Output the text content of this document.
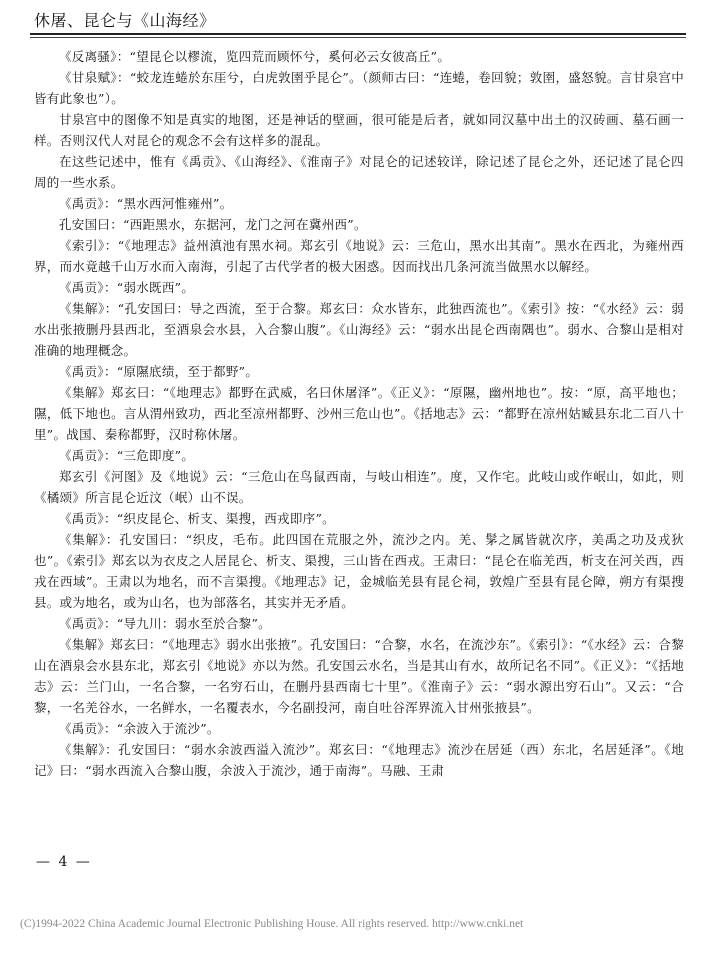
休屠、昆仑与《山海经》

《反离骚》：“望昆仑以樛流，览四荒而顾怀兮，奚何必云女彼高丘”。

《甘泉赋》：“蛟龙连蜷於东厓兮，白虎敦圉乎昆仑”。（颜师古曰：“连蜷，卷回貌；敦圉，盛怒貌。言甘泉宫中皆有此象也”）。

甘泉宫中的图像不知是真实的地图，还是神话的壁画，很可能是后者，就如同汉墓中出土的汉砖画、墓石画一样。否则汉代人对昆仑的观念不会有这样多的混乱。

在这些记述中，惟有《禹贡》、《山海经》、《淮南子》对昆仑的记述较详，除记述了昆仑之外，还记述了昆仑四周的一些水系。

《禹贡》：“黑水西河惟雍州”。

孔安国曰：“西距黑水，东据河，龙门之河在冀州西”。

《索引》：“《地理志》益州滇池有黑水祠。郑玄引《地说》云：三危山，黑水出其南”。黑水在西北，为雍州西界，而水竟越千山万水而入南海，引起了古代学者的极大困惑。因而找出几条河流当做黑水以解经。

《禹贡》：“弱水既西”。

《集解》：“孔安国曰：导之西流，至于合黎。郑玄曰：众水皆东，此独西流也”。《索引》按：“《水经》云：弱水出张掖删丹县西北，至酒泉会水县，入合黎山腹”。《山海经》云：“弱水出昆仑西南隅也”。弱水、合黎山是相对准确的地理概念。

《禹贡》：“原隰底绩，至于都野”。

《集解》郑玄曰：“《地理志》都野在武威，名曰休屠泽”。《正义》：“原隰，幽州地也”。按：“原，高平地也；隰，低下地也。言从渭州致功，西北至凉州都野、沙州三危山也”。《括地志》云：“都野在凉州姑臧县东北二百八十里”。战国、秦称都野，汉时称休屠。

《禹贡》：“三危即度”。

郑玄引《河图》及《地说》云：“三危山在鸟鼠西南，与岐山相连”。度，又作宅。此岐山或作岷山，如此，则《橘颂》所言昆仑近汶（岷）山不误。

《禹贡》：“织皮昆仑、析支、渠搜，西戎即序”。

《集解》：孔安国曰：“织皮，毛布。此四国在荒服之外，流沙之内。羌、髳之属皆就次序，美禹之功及戎狄也”。《索引》郑玄以为衣皮之人居昆仑、析支、渠搜，三山皆在西戎。王肃曰：“昆仑在临羌西，析支在河关西，西戎在西域”。王肃以为地名，而不言渠搜。《地理志》记，金城临羌县有昆仑祠，敦煌广至县有昆仑障，朔方有渠搜县。或为地名，或为山名，也为部落名，其实并无矛盾。

《禹贡》：“导九川：弱水至於合黎”。

《集解》郑玄曰：“《地理志》弱水出张掖”。孔安国曰：“合黎，水名，在流沙东”。《索引》：“《水经》云：合黎山在酒泉会水县东北，郑玄引《地说》亦以为然。孔安国云水名，当是其山有水，故所记名不同”。《正义》：“《括地志》云：兰门山，一名合黎，一名穷石山，在删丹县西南七十里”。《淮南子》云：“弱水源出穷石山”。又云：“合黎，一名羌谷水，一名鲜水，一名覆表水，今名副投河，南自吐谷浑界流入甘州张掖县”。

《禹贡》：“余波入于流沙”。

《集解》：孔安国曰：“弱水余波西溢入流沙”。郑玄曰：“《地理志》流沙在居延（西）东北，名居延泽”。《地记》曰：“弱水西流入合黎山腹，余波入于流沙，通于南海”。马融、王肃

— 4 —
(C)1994-2022 China Academic Journal Electronic Publishing House. All rights reserved. http://www.cnki.net
